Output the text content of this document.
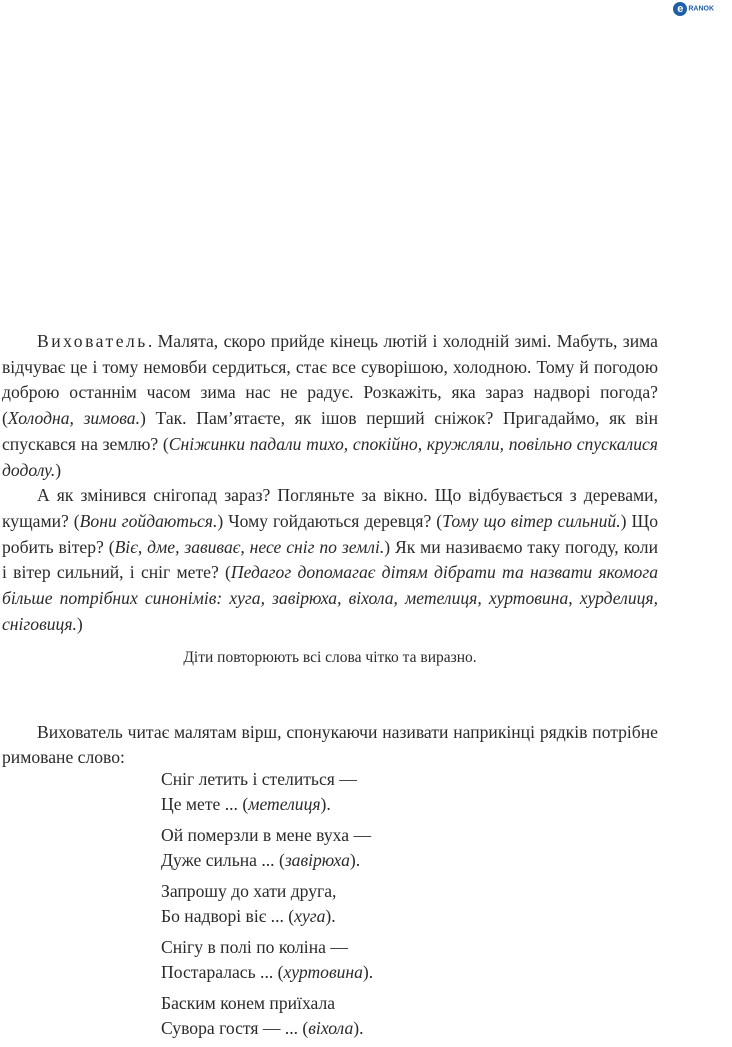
e RANOK

Вихователь. Малята, скоро прийде кінець лютій і холодній зимі. Мабуть, зима відчуває це і тому немовби сердиться, стає все суворішою, холодною. Тому й погодою доброю останнім часом зима нас не радує. Розкажіть, яка зараз надворі погода? (Холодна, зимова.) Так. Пам’ятаєте, як ішов перший сніжок? Пригадаймо, як він спускався на землю? (Сніжинки падали тихо, спокійно, кружляли, повільно спускалися додолу.)

А як змінився снігопад зараз? Погляньте за вікно. Що відбувається з деревами, кущами? (Вони гойдаються.) Чому гойдаються деревця? (Тому що вітер сильний.) Що робить вітер? (Віє, дме, завиває, несе сніг по землі.) Як ми називаємо таку погоду, коли і вітер сильний, і сніг мете? (Педагог допомагає дітям дібрати та назвати якомога більше потрібних синонімів: хуга, завірюха, віхола, метелиця, хуртовина, хурделиця, сніговиця.)

Діти повторюють всі слова чітко та виразно.

Вихователь читає малятам вірш, спонукаючи називати наприкінці рядків потрібне римоване слово:

Сніг летить і стелиться —
Це мете ... (метелиця).
Ой померзли в мене вуха —
Дуже сильна ... (завірюха).
Запрошу до хати друга,
Бо надворі віє ... (хуга).
Снігу в полі по коліна —
Постаралась ... (хуртовина).
Баским конем приїхала
Сувора гостя — ... (віхола).
